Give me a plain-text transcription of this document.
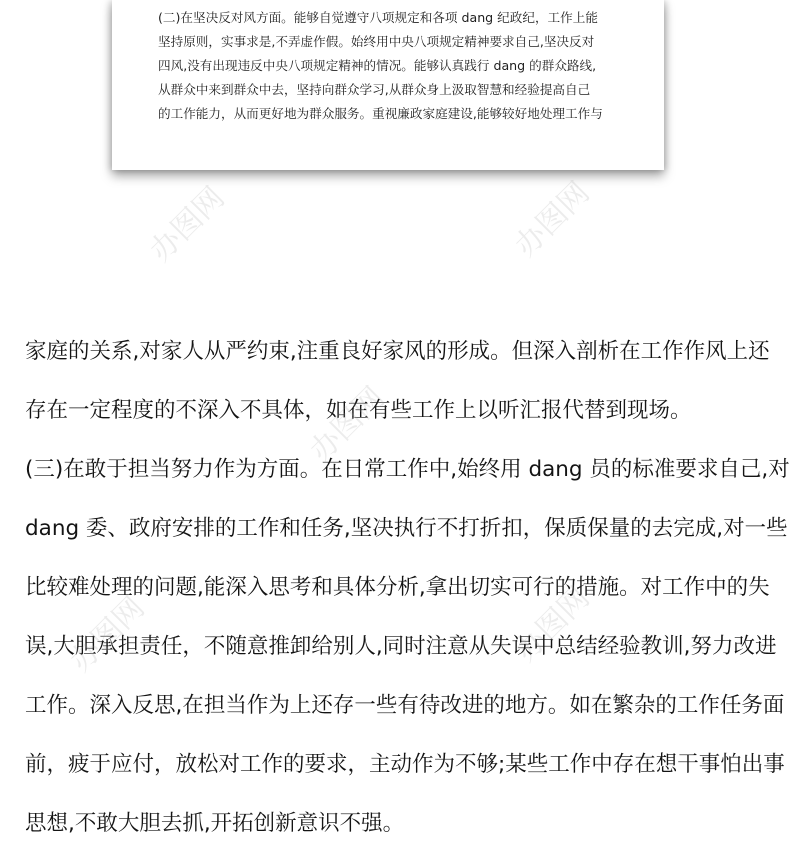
(二)在坚决反对风方面。能够自觉遵守八项规定和各项 dang 纪政纪，工作上能
坚持原则，实事求是,不弄虚作假。始终用中央八项规定精神要求自己,坚决反对
四风,没有出现违反中央八项规定精神的情况。能够认真践行 dang 的群众路线,
从群众中来到群众中去，坚持向群众学习,从群众身上汲取智慧和经验提高自己
的工作能力，从而更好地为群众服务。重视廉政家庭建设,能够较好地处理工作与
家庭的关系,对家人从严约束,注重良好家风的形成。但深入剖析在工作作风上还
存在一定程度的不深入不具体，如在有些工作上以听汇报代替到现场。
(三)在敢于担当努力作为方面。在日常工作中,始终用 dang 员的标准要求自己,对
dang 委、政府安排的工作和任务,坚决执行不打折扣，保质保量的去完成,对一些
比较难处理的问题,能深入思考和具体分析,拿出切实可行的措施。对工作中的失
误,大胆承担责任，不随意推卸给别人,同时注意从失误中总结经验教训,努力改进
工作。深入反思,在担当作为上还存一些有待改进的地方。如在繁杂的工作任务面
前，疲于应付，放松对工作的要求，主动作为不够;某些工作中存在想干事怕出事
思想,不敢大胆去抓,开拓创新意识不强。
办图网	办图网
办图网
办图网	办图网
